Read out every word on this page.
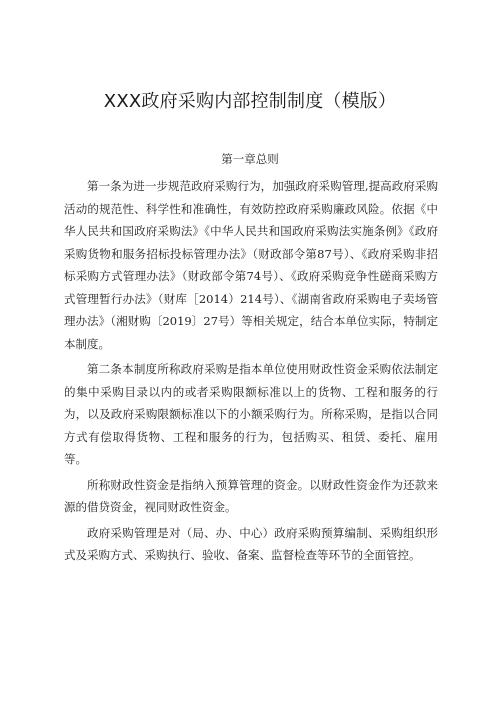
XXX政府采购内部控制制度（模版）
第一章总则

第一条为进一步规范政府采购行为，加强政府采购管理,提高政府采购活动的规范性、科学性和准确性，有效防控政府采购廉政风险。依据《中华人民共和国政府采购法》《中华人民共和国政府采购法实施条例》《政府采购货物和服务招标投标管理办法》（财政部令第87号）、《政府采购非招标采购方式管理办法》（财政部令第74号）、《政府采购竞争性磋商采购方式管理暂行办法》（财库［2014）214号）、《湖南省政府采购电子卖场管理办法》（湘财购〔2019〕27号）等相关规定，结合本单位实际，特制定本制度。

第二条本制度所称政府采购是指本单位使用财政性资金采购依法制定的集中采购目录以内的或者采购限额标准以上的货物、工程和服务的行为，以及政府采购限额标准以下的小额采购行为。所称采购，是指以合同方式有偿取得货物、工程和服务的行为，包括购买、租赁、委托、雇用等。

所称财政性资金是指纳入预算管理的资金。以财政性资金作为还款来源的借贷资金，视同财政性资金。

政府采购管理是对（局、办、中心）政府采购预算编制、采购组织形式及采购方式、采购执行、验收、备案、监督检查等环节的全面管控。
